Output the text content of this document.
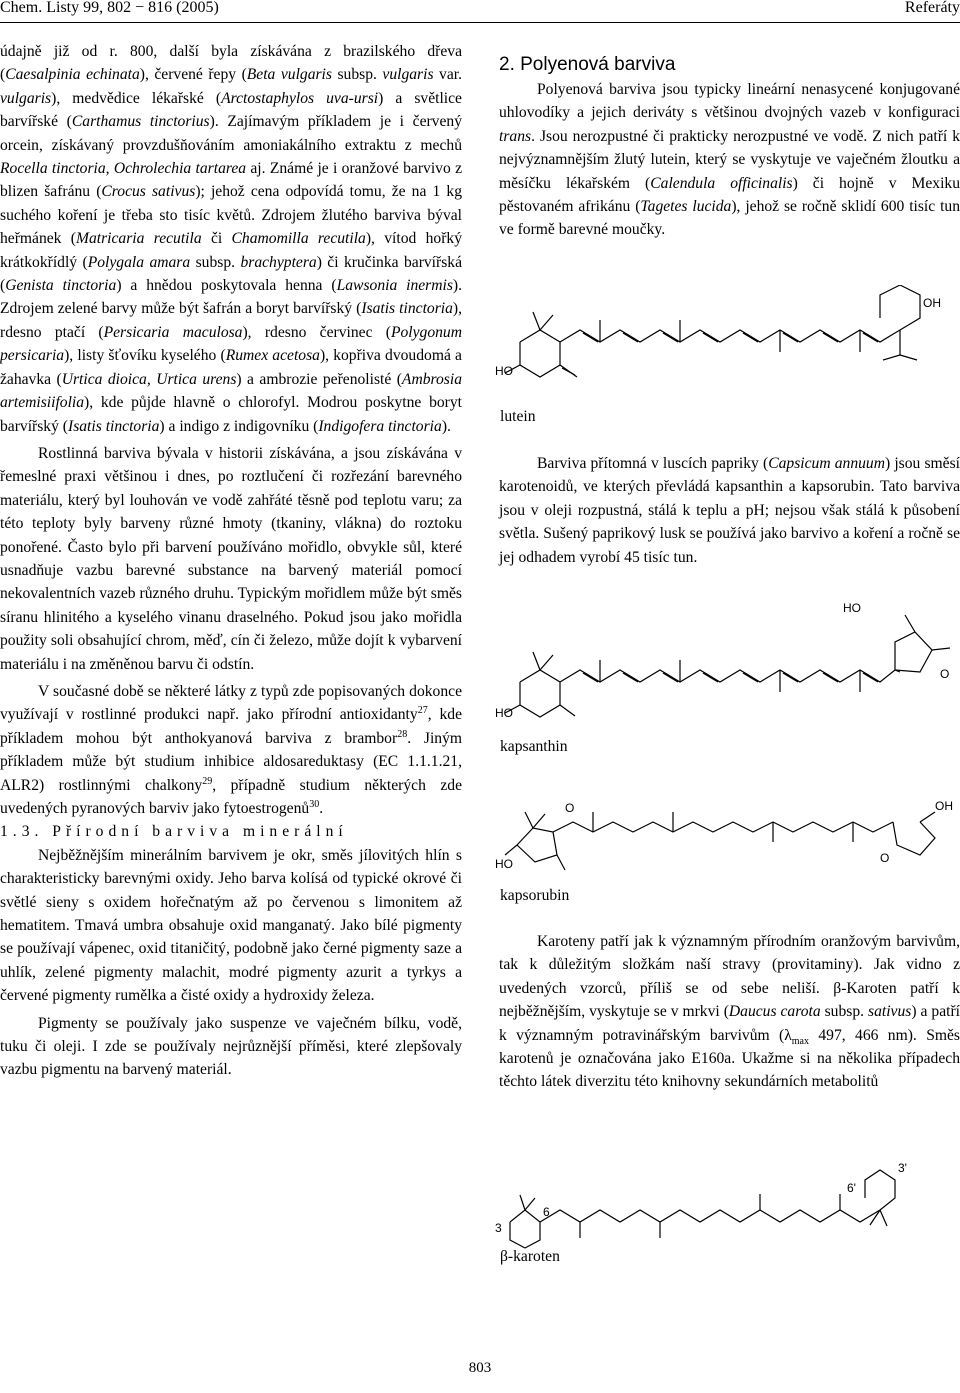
Chem. Listy 99, 802 − 816 (2005)	Referáty

údajně již od r. 800, další byla získávána z brazilského dřeva (Caesalpinia echinata), červené řepy (Beta vulgaris subsp. vulgaris var. vulgaris), medvědice lékařské (Arctostaphylos uva-ursi) a světlice barvířské (Carthamus tinctorius). Zajímavým příkladem je i červený orcein, získávaný provzdušňováním amoniakálního extraktu z mechů Rocella tinctoria, Ochrolechia tartarea aj. Známé je i oranžové barvivo z blizen šafránu (Crocus sativus); jehož cena odpovídá tomu, že na 1 kg suchého koření je třeba sto tisíc květů. Zdrojem žlutého barviva býval heřmánek (Matricaria recutila či Chamomilla recutila), vítod hořký krátkokřídlý (Polygala amara subsp. brachyptera) či kručinka barvířská (Genista tinctoria) a hnědou poskytovala henna (Lawsonia inermis). Zdrojem zelené barvy může být šafrán a boryt barvířský (Isatis tinctoria), rdesno ptačí (Persicaria maculosa), rdesno červinec (Polygonum persicaria), listy šťovíku kyselého (Rumex acetosa), kopřiva dvoudomá a žahavka (Urtica dioica, Urtica urens) a ambrozie peřenolisté (Ambrosia artemisiifolia), kde půjde hlavně o chlorofyl. Modrou poskytne boryt barvířský (Isatis tinctoria) a indigo z indigovníku (Indigofera tinctoria).

Rostlinná barviva bývala v historii získávána, a jsou získávána v řemeslné praxi většinou i dnes, po roztlučení či rozřezání barevného materiálu, který byl louhován ve vodě zahřáté těsně pod teplotu varu; za této teploty byly barveny různé hmoty (tkaniny, vlákna) do roztoku ponořené. Často bylo při barvení používáno mořidlo, obvykle sůl, které usnadňuje vazbu barevné substance na barvený materiál pomocí nekovalentních vazeb různého druhu. Typickým mořidlem může být směs síranu hlinitého a kyselého vinanu draselného. Pokud jsou jako mořidla použity soli obsahující chrom, měď, cín či železo, může dojít k vybarvení materiálu i na změněnou barvu či odstín.

V současné době se některé látky z typů zde popisovaných dokonce využívají v rostlinné produkci např. jako přírodní antioxidanty$^{27}$, kde příkladem mohou být anthokyanová barviva z brambor$^{28}$. Jiným příkladem může být studium inhibice aldosareduktasy (EC 1.1.1.21, ALR2) rostlinnými chalkony$^{29}$, případně studium některých zde uvedených pyranových barviv jako fytoestrogenů$^{30}$.

1.3. Přírodní barviva minerální

Nejběžnějším minerálním barvivem je okr, směs jílovitých hlín s charakteristicky barevnými oxidy. Jeho barva kolísá od typické okrové či světlé sieny s oxidem hořečnatým až po červenou s limonitem až hematitem. Tmavá umbra obsahuje oxid manganatý. Jako bílé pigmenty se používají vápenec, oxid titaničitý, podobně jako černé pigmenty saze a uhlík, zelené pigmenty malachit, modré pigmenty azurit a tyrkys a červené pigmenty rumělka a čisté oxidy a hydroxidy železa.

Pigmenty se používaly jako suspenze ve vaječném bílku, vodě, tuku či oleji. I zde se používaly nejrůznější příměsi, které zlepšovaly vazbu pigmentu na barvený materiál.

2. Polyenová barviva

Polyenová barviva jsou typicky lineární nenasycené konjugované uhlovodíky a jejich deriváty s většinou dvojných vazeb v konfiguraci trans. Jsou nerozpustné či prakticky nerozpustné ve vodě. Z nich patří k nejvýznamnějším žlutý lutein, který se vyskytuje ve vaječném žloutku a měsíčku lékařském (Calendula officinalis) či hojně v Mexiku pěstovaném afrikánu (Tagetes lucida), jehož se ročně sklidí 600 tisíc tun ve formě barevné moučky.

Barviva přítomná v luscích papriky (Capsicum annuum) jsou směsí karotenoidů, ve kterých převládá kapsanthin a kapsorubin. Tato barviva jsou v oleji rozpustná, stálá k teplu a pH; nejsou však stálá k působení světla. Sušený paprikový lusk se používá jako barvivo a koření a ročně se jej odhadem vyrobí 45 tisíc tun.

Karoteny patří jak k významným přírodním oranžovým barvivům, tak k důležitým složkám naší stravy (provitaminy). Jak vidno z uvedených vzorců, příliš se od sebe neliší. β-Karoten patří k nejběžnějším, vyskytuje se v mrkvi (Daucus carota subsp. sativus) a patří k významným potravinářským barvivům ($\lambda_{max}$ 497, 466 nm). Směs karotenů je označována jako E160a. Ukažme si na několika případech těchto látek diverzitu této knihovny sekundárních metabolitů

HO
OH
lutein
HO
HO
O
kapsanthin
HO
O
O
OH
kapsorubin
3
6
6'
3'
β-karoten
803
